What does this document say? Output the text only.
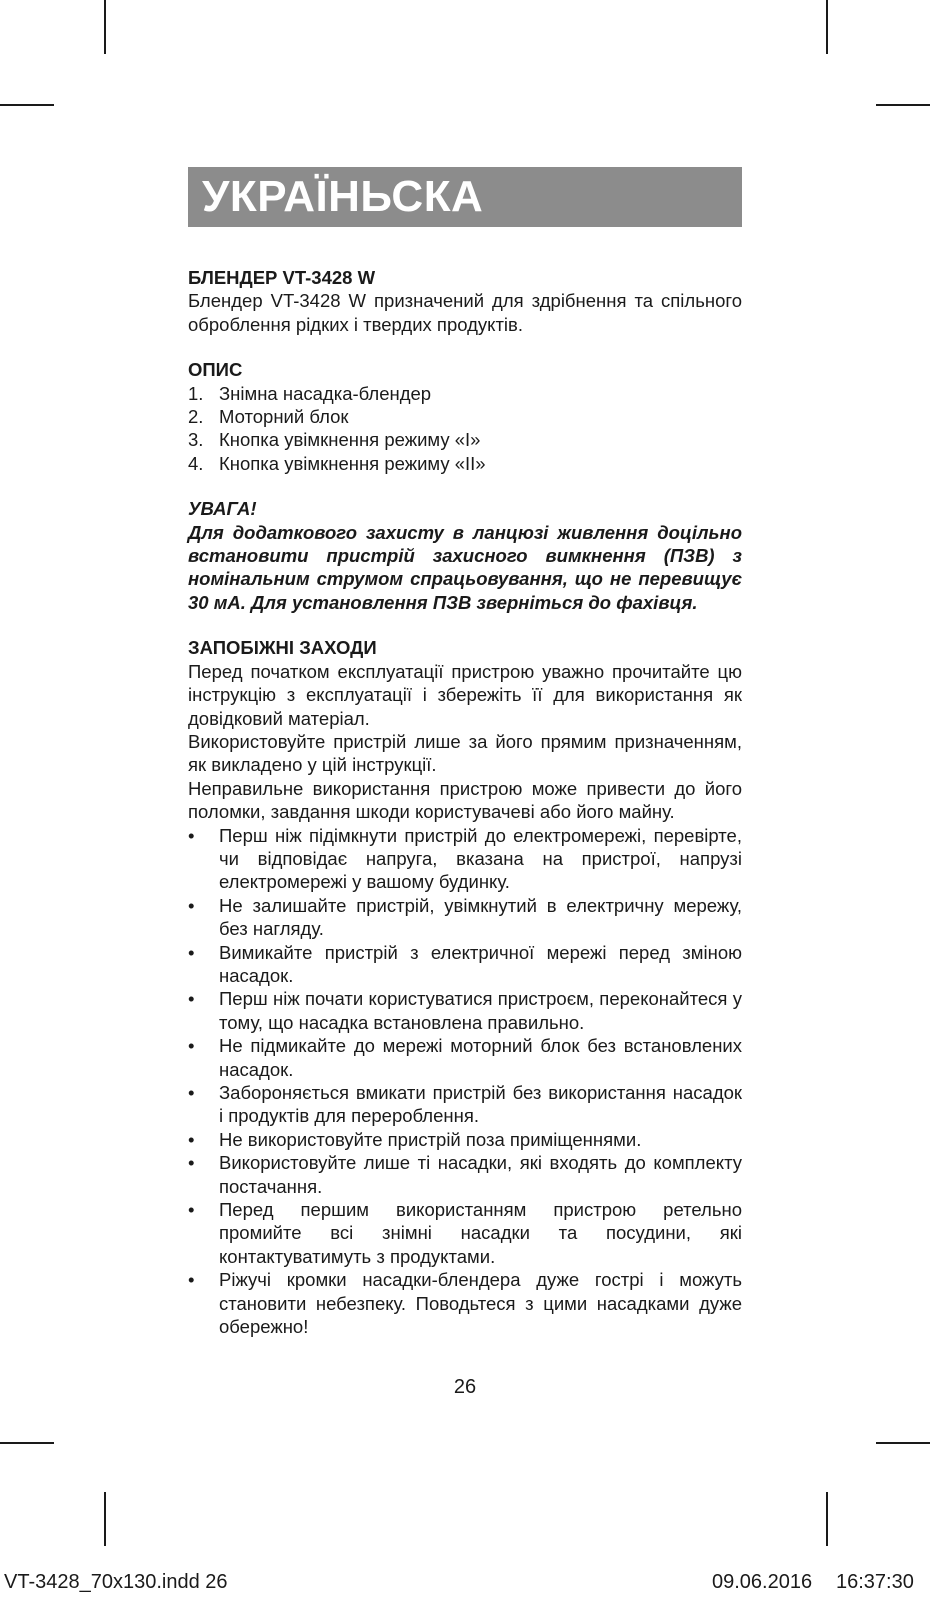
УКРАЇНЬСКА
БЛЕНДЕР VT-3428 W

Блендер VT-3428 W призначений для здрібнення та спільного оброблення рідких і твердих продуктів.

ОПИС
1. Знімна насадка-блендер
2. Моторний блок
3. Кнопка увімкнення режиму «I»
4. Кнопка увімкнення режиму «II»
УВАГА!

Для додаткового захисту в ланцюзі живлення доцільно встановити пристрій захисного вимкнення (ПЗВ) з номінальним струмом спрацьовування, що не перевищує 30 мА. Для установлення ПЗВ зверніться до фахівця.

ЗАПОБІЖНІ ЗАХОДИ

Перед початком експлуатації пристрою уважно прочитайте цю інструкцію з експлуатації і збережіть її для використання як довідковий матеріал.

Використовуйте пристрій лише за його прямим призначенням, як викладено у цій інструкції.

Неправильне використання пристрою може привести до його поломки, завдання шкоди користувачеві або його майну.

•	Перш ніж підімкнути пристрій до електромережі, перевірте, чи відповідає напруга, вказана на пристрої, напрузі електромережі у вашому будинку.
•	Не залишайте пристрій, увімкнутий в електричну мережу, без нагляду.
•	Вимикайте пристрій з електричної мережі перед зміною насадок.
•	Перш ніж почати користуватися пристроєм, переконайтеся у тому, що насадка встановлена правильно.
•	Не підмикайте до мережі моторний блок без встановлених насадок.
•	Забороняється вмикати пристрій без використання насадок і продуктів для перероблення.
•	Не використовуйте пристрій поза приміщеннями.
•	Використовуйте лише ті насадки, які входять до комплекту постачання.
•	Перед першим використанням пристрою ретельно промийте всі знімні насадки та посудини, які контактуватимуть з продуктами.
•	Ріжучі кромки насадки-блендера дуже гострі і можуть становити небезпеку. Поводьтеся з цими насадками дуже обережно!
26
VT-3428_70x130.indd 26	09.06.2016 16:37:30
